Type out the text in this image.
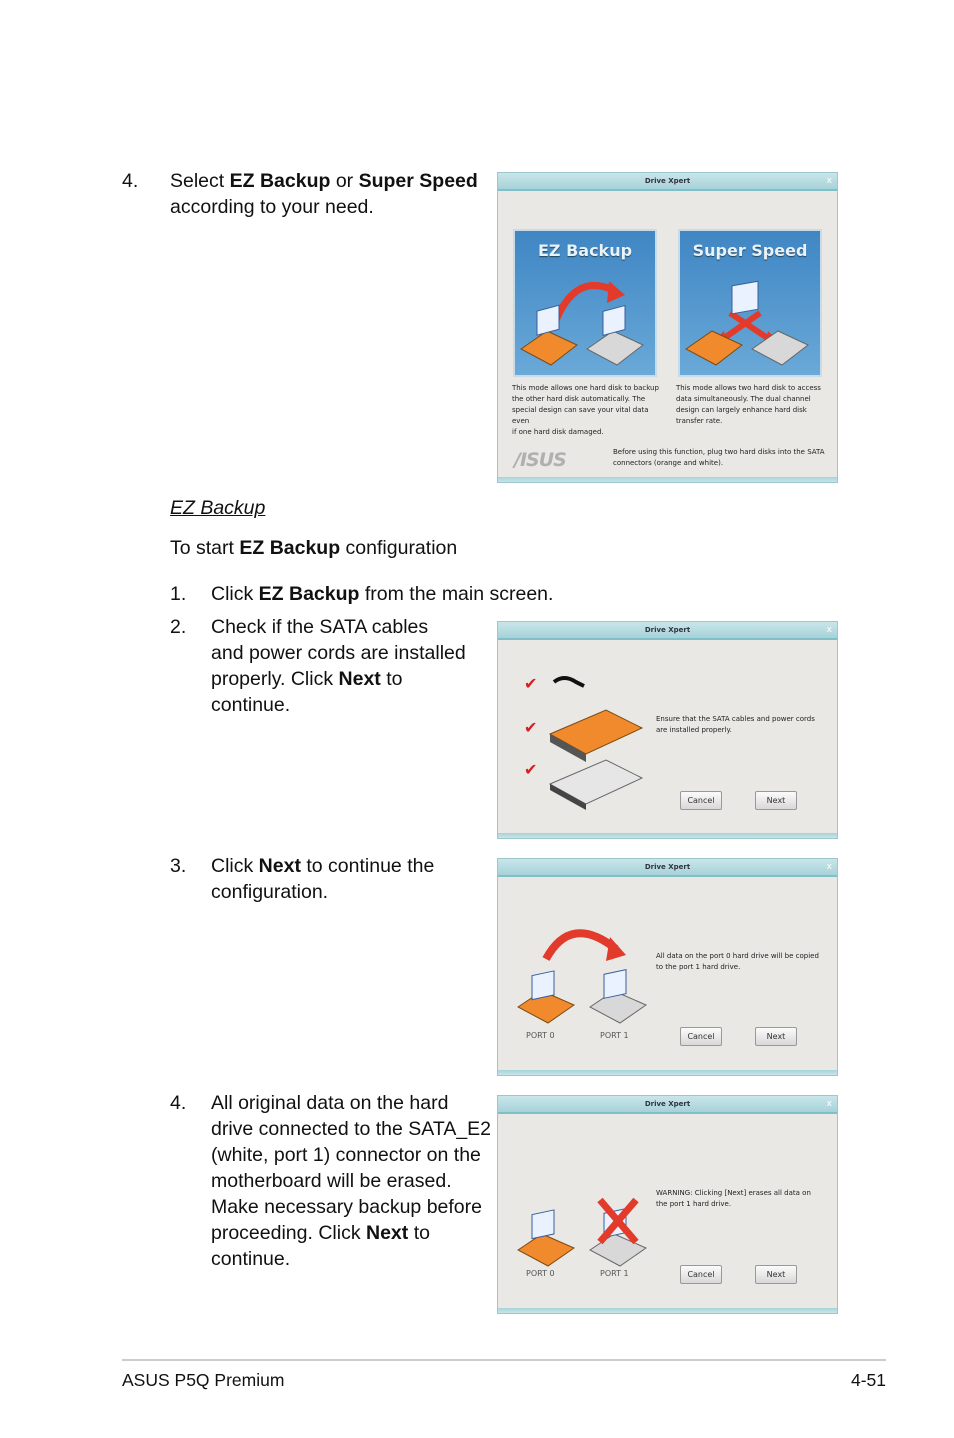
4. Select EZ Backup or Super Speed
according to your need.
Drive Xpert	x
EZ Backup	Super Speed
This mode allows one hard disk to backup
the other hard disk automatically. The
special design can save your vital data even
if one hard disk damaged.
This mode allows two hard disk to access
data simultaneously. The dual channel
design can largely enhance hard disk
transfer rate.
/ISUS	Before using this function, plug two hard disks into the SATA
connectors (orange and white).
EZ Backup
To start EZ Backup configuration
1. Click EZ Backup from the main screen.
2. Check if the SATA cables
and power cords are installed
properly. Click Next to
continue.
Drive Xpert	x
✔
✔
✔
Ensure that the SATA cables and power cords
are installed properly.
Cancel	Next
3. Click Next to continue the
configuration.
Drive Xpert	x
All data on the port 0 hard drive will be copied
to the port 1 hard drive.
PORT 0	PORT 1	Cancel	Next
4. All original data on the hard
drive connected to the SATA_E2
(white, port 1) connector on the
motherboard will be erased.
Make necessary backup before
proceeding. Click Next to
continue.
Drive Xpert	x
WARNING: Clicking [Next] erases all data on
the port 1 hard drive.
PORT 0	PORT 1	Cancel	Next
ASUS P5Q Premium	4-51
